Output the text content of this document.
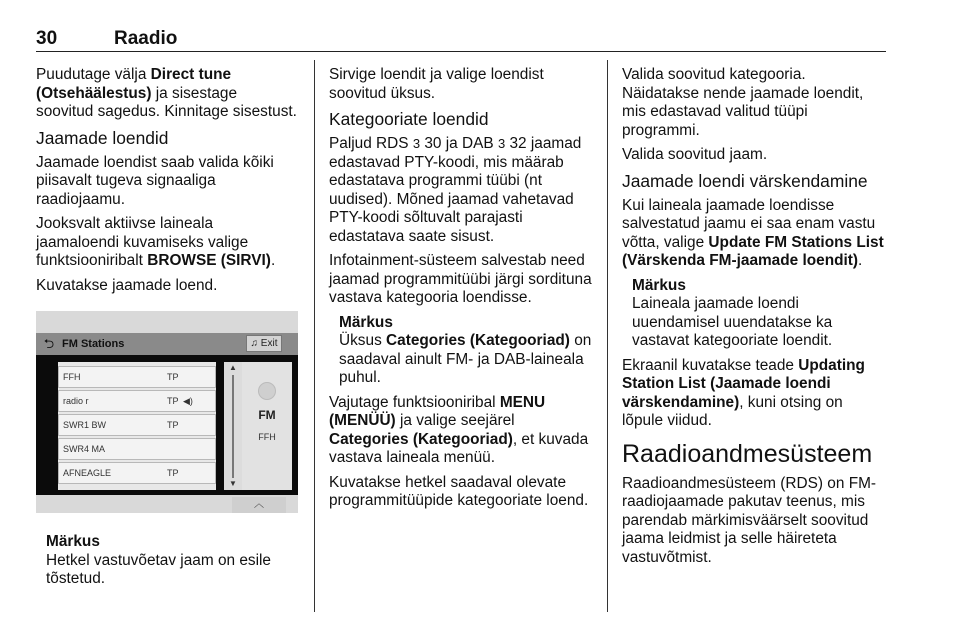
30	Raadio

Puudutage välja Direct tune (Otsehäälestus) ja sisestage soovitud sagedus. Kinnitage sisestust.

Jaamade loendid

Jaamade loendist saab valida kõiki piisavalt tugeva signaaliga raadiojaamu.

Jooksvalt aktiivse laineala jaamaloendi kuvamiseks valige funktsiooniribalt BROWSE (SIRVI).

Kuvatakse jaamade loend.

⮌ FM Stations	♫ Exit
FFH	TP
radio r	TP ◀)
SWR1 BW	TP
SWR4 MA
AFNEAGLE	TP
▲
▼
FM
FFH
︿
Märkus
Hetkel vastuvõetav jaam on esile tõstetud.

Sirvige loendit ja valige loendist soovitud üksus.

Kategooriate loendid

Paljud RDS 3 30 ja DAB 3 32 jaamad edastavad PTY-koodi, mis määrab edastatava programmi tüübi (nt uudised). Mõned jaamad vahetavad PTY-koodi sõltuvalt parajasti edastatava saate sisust.

Infotainment-süsteem salvestab need jaamad programmitüübi järgi sordituna vastava kategooria loendisse.

Märkus
Üksus Categories (Kategooriad) on saadaval ainult FM- ja DAB-laineala puhul.

Vajutage funktsiooniribal MENU (MENÜÜ) ja valige seejärel Categories (Kategooriad), et kuvada vastava laineala menüü.

Kuvatakse hetkel saadaval olevate programmitüüpide kategooriate loend.

Valida soovitud kategooria.

Näidatakse nende jaamade loendit, mis edastavad valitud tüüpi programmi.

Valida soovitud jaam.

Jaamade loendi värskendamine

Kui laineala jaamade loendisse salvestatud jaamu ei saa enam vastu võtta, valige Update FM Stations List (Värskenda FM-jaamade loendit).

Märkus
Laineala jaamade loendi uuendamisel uuendatakse ka vastavat kategooriate loendit.

Ekraanil kuvatakse teade Updating Station List (Jaamade loendi värskendamine), kuni otsing on lõpule viidud.

Raadioandmesüsteem

Raadioandmesüsteem (RDS) on FM-raadiojaamade pakutav teenus, mis parendab märkimisväärselt soovitud jaama leidmist ja selle häireteta vastuvõtmist.
